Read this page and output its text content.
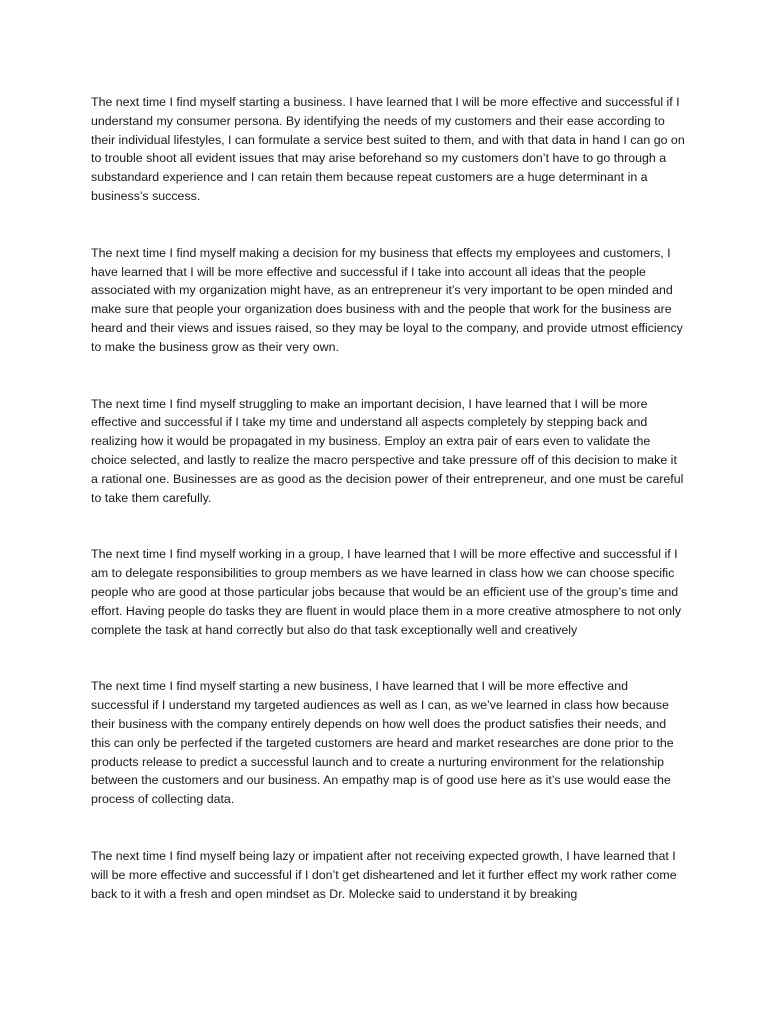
The next time I find myself starting a business. I have learned that I will be more effective and successful if I understand my consumer persona. By identifying the needs of my customers and their ease according to their individual lifestyles, I can formulate a service best suited to them, and with that data in hand I can go on to trouble shoot all evident issues that may arise beforehand so my customers don’t have to go through a substandard experience and I can retain them because repeat customers are a huge determinant in a business’s success.

The next time I find myself making a decision for my business that effects my employees and customers, I have learned that I will be more effective and successful if I take into account all ideas that the people associated with my organization might have, as an entrepreneur it’s very important to be open minded and make sure that people your organization does business with and the people that work for the business are heard and their views and issues raised, so they may be loyal to the company, and provide utmost efficiency to make the business grow as their very own.

The next time I find myself struggling to make an important decision, I have learned that I will be more effective and successful if I take my time and understand all aspects completely by stepping back and realizing how it would be propagated in my business. Employ an extra pair of ears even to validate the choice selected, and lastly to realize the macro perspective and take pressure off of this decision to make it a rational one. Businesses are as good as the decision power of their entrepreneur, and one must be careful to take them carefully.

The next time I find myself working in a group, I have learned that I will be more effective and successful if I am to delegate responsibilities to group members as we have learned in class how we can choose specific people who are good at those particular jobs because that would be an efficient use of the group’s time and effort. Having people do tasks they are fluent in would place them in a more creative atmosphere to not only complete the task at hand correctly but also do that task exceptionally well and creatively

The next time I find myself starting a new business, I have learned that I will be more effective and successful if I understand my targeted audiences as well as I can, as we’ve learned in class how because their business with the company entirely depends on how well does the product satisfies their needs, and this can only be perfected if the targeted customers are heard and market researches are done prior to the products release to predict a successful launch and to create a nurturing environment for the relationship between the customers and our business. An empathy map is of good use here as it’s use would ease the process of collecting data.

The next time I find myself being lazy or impatient after not receiving expected growth, I have learned that I will be more effective and successful if I don’t get disheartened and let it further effect my work rather come back to it with a fresh and open mindset as Dr. Molecke said to understand it by breaking
